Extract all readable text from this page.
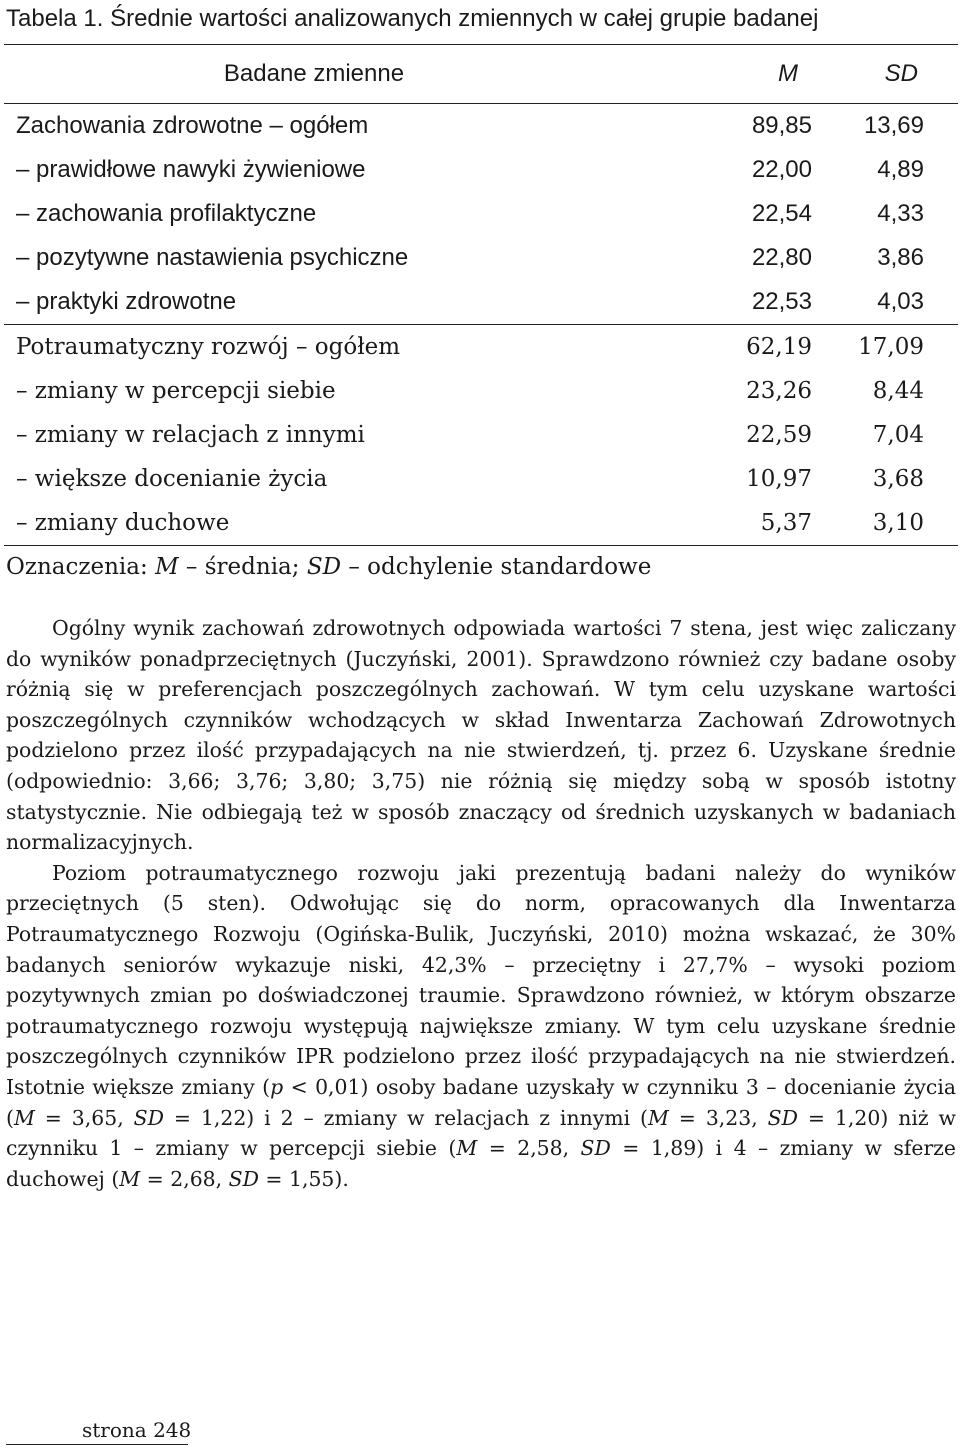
Tabela 1. Średnie wartości analizowanych zmiennych w całej grupie badanej
Badane zmienne	M	SD
Zachowania zdrowotne – ogółem	89,85 13,69
– prawidłowe nawyki żywieniowe	22,00	4,89
– zachowania profilaktyczne	22,54	4,33
– pozytywne nastawienia psychiczne	22,80	3,86
– praktyki zdrowotne	22,53	4,03
Potraumatyczny rozwój – ogółem	62,19 17,09
– zmiany w percepcji siebie	23,26	8,44
– zmiany w relacjach z innymi	22,59	7,04
– większe docenianie życia	10,97	3,68
– zmiany duchowe	5,37	3,10
Oznaczenia: M – średnia; SD – odchylenie standardowe

Ogólny wynik zachowań zdrowotnych odpowiada wartości 7 stena, jest więc zaliczany do wyników ponadprzeciętnych (Juczyński, 2001). Sprawdzono również czy badane osoby różnią się w preferencjach poszczególnych zachowań. W tym celu uzyskane wartości poszczególnych czynników wchodzących w skład Inwentarza Zachowań Zdrowotnych podzielono przez ilość przypadających na nie stwierdzeń, tj. przez 6. Uzyskane średnie (odpowiednio: 3,66; 3,76; 3,80; 3,75) nie różnią się między sobą w sposób istotny statystycznie. Nie odbiegają też w sposób znaczący od średnich uzyskanych w badaniach normalizacyjnych.

Poziom potraumatycznego rozwoju jaki prezentują badani należy do wyników przeciętnych (5 sten). Odwołując się do norm, opracowanych dla Inwentarza Potraumatycznego Rozwoju (Ogińska-Bulik, Juczyński, 2010) można wskazać, że 30% badanych seniorów wykazuje niski, 42,3% – przeciętny i 27,7% – wysoki poziom pozytywnych zmian po doświadczonej traumie. Sprawdzono również, w którym obszarze potraumatycznego rozwoju występują największe zmiany. W tym celu uzyskane średnie poszczególnych czynników IPR podzielono przez ilość przypadających na nie stwierdzeń. Istotnie większe zmiany (p < 0,01) osoby badane uzyskały w czynniku 3 – docenianie życia (M = 3,65, SD = 1,22) i 2 – zmiany w relacjach z innymi (M = 3,23, SD = 1,20) niż w czynniku 1 – zmiany w percepcji siebie (M = 2,58, SD = 1,89) i 4 – zmiany w sferze duchowej (M = 2,68, SD = 1,55).

strona 248
